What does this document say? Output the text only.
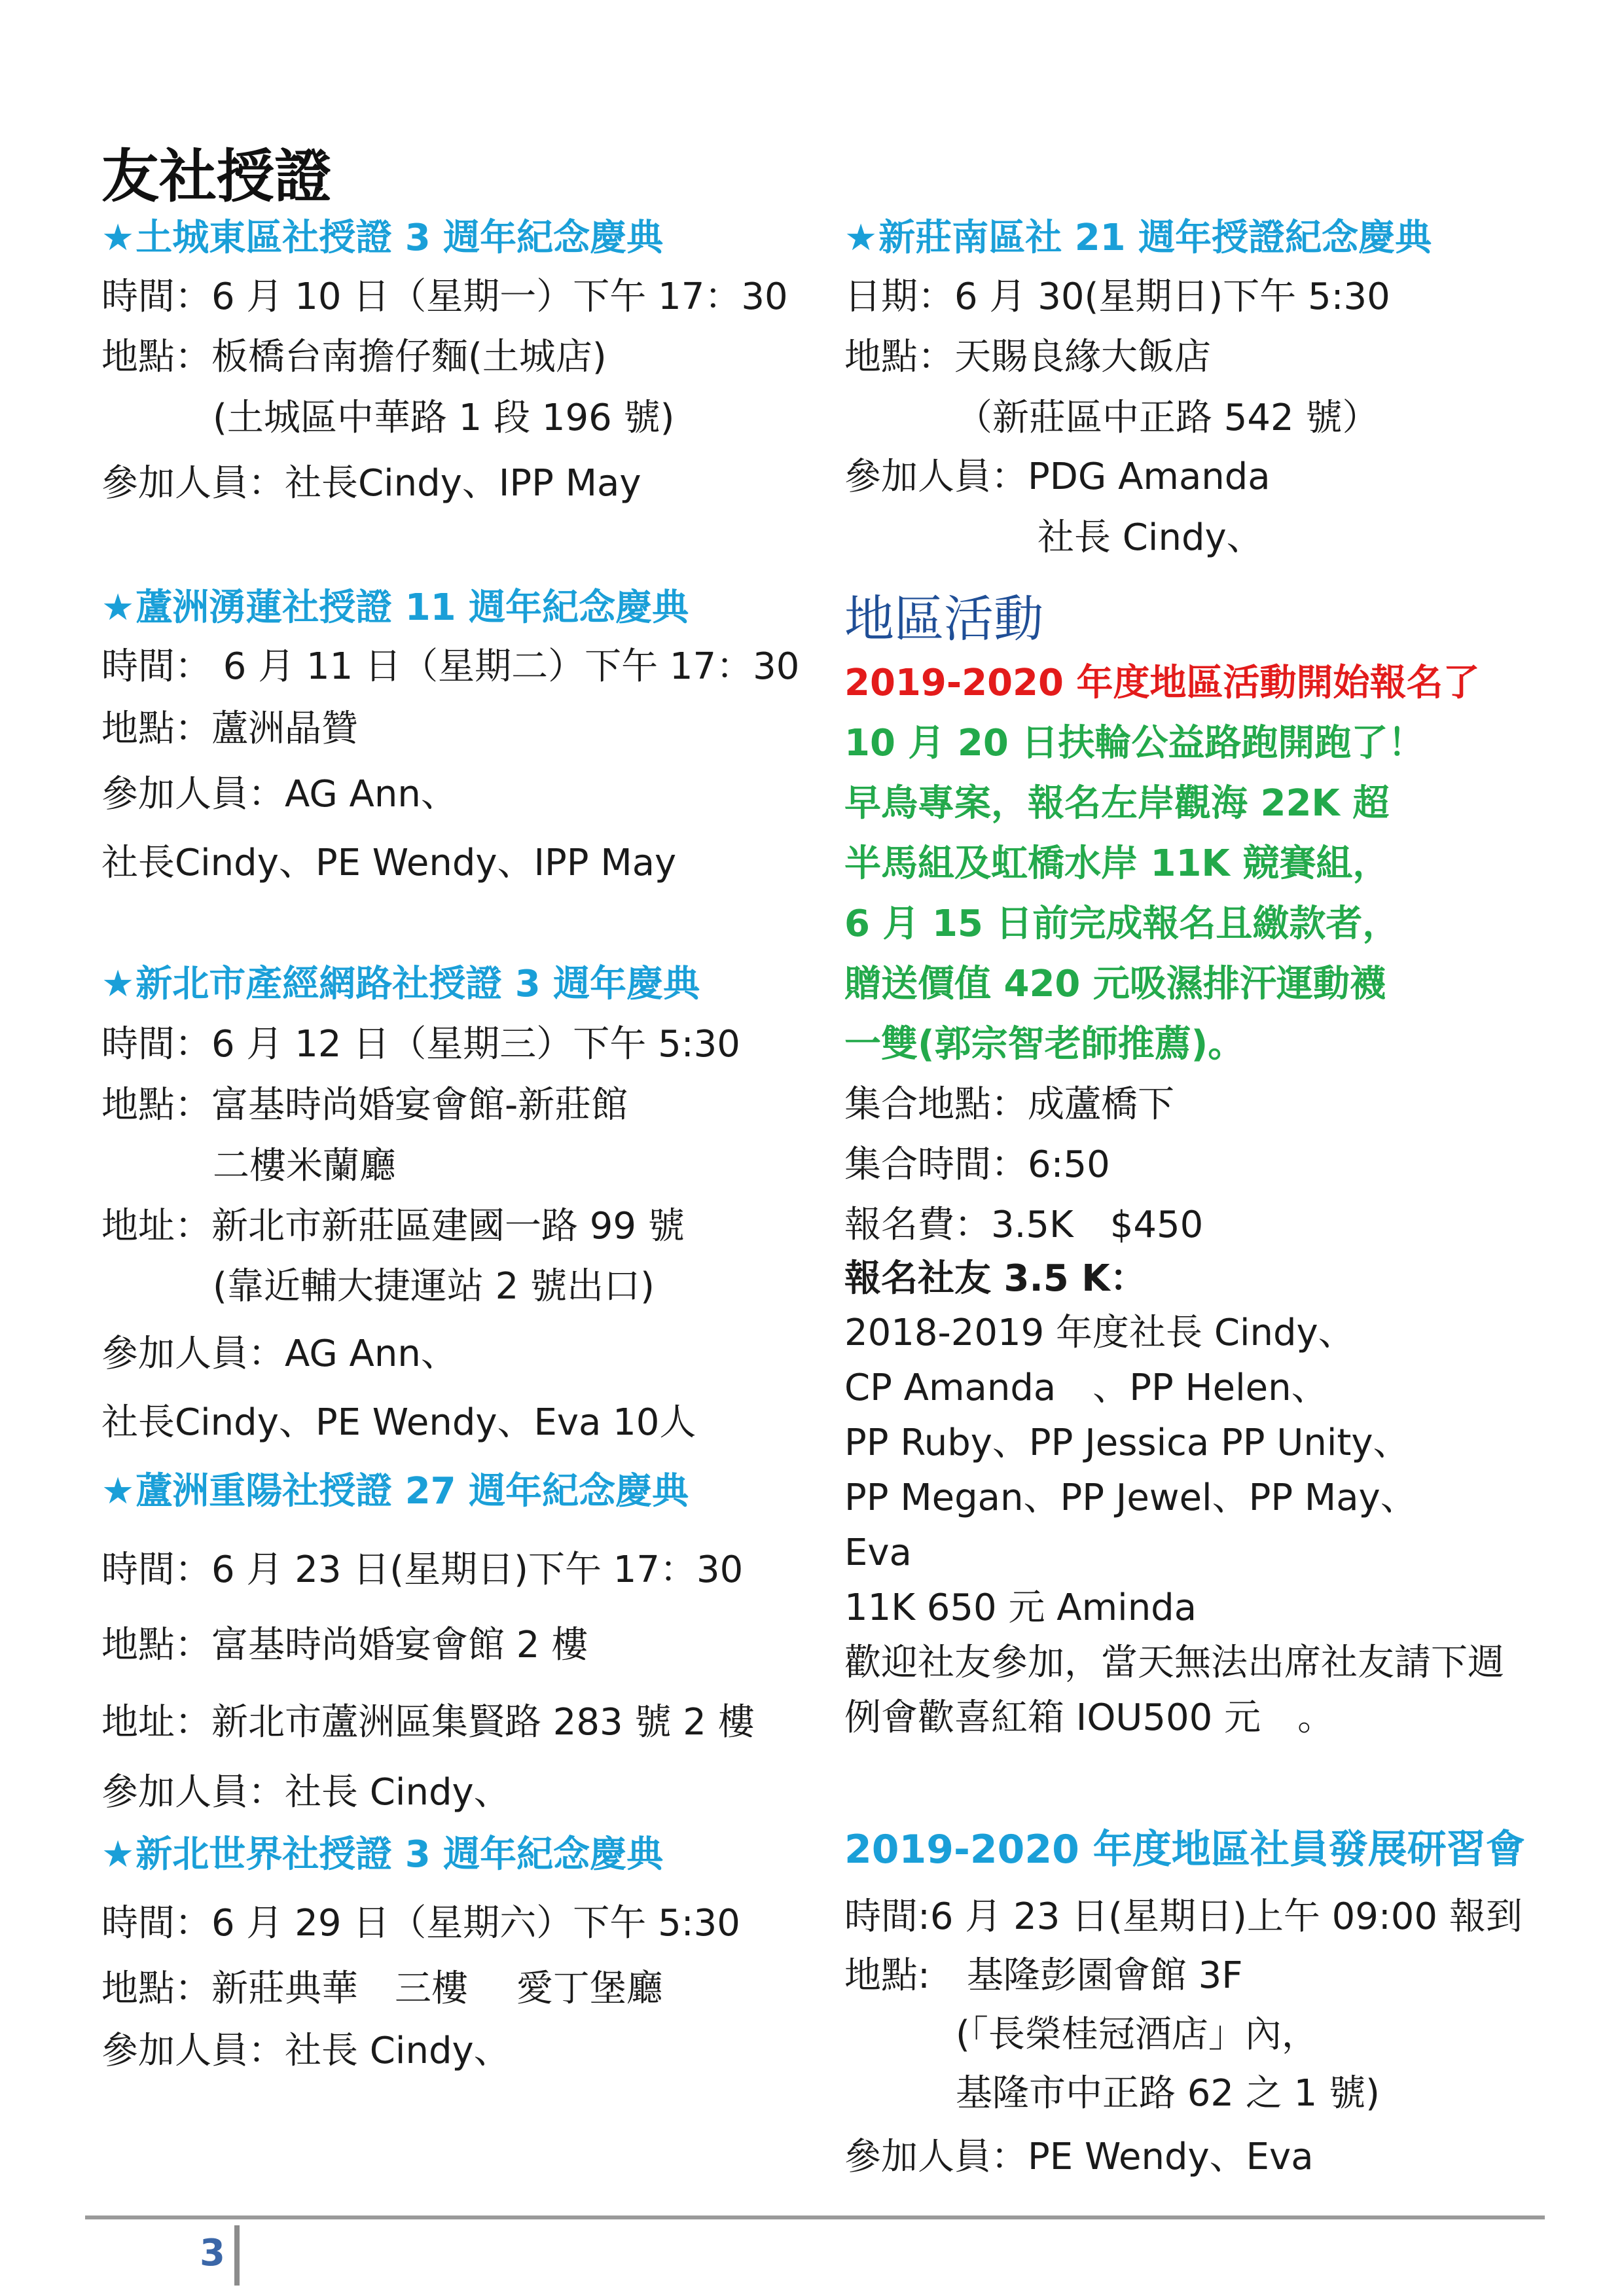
友社授證
★土城東區社授證 3 週年紀念慶典
時間：6 月 10 日（星期一）下午 17：30
地點：板橋台南擔仔麵(土城店)
(土城區中華路 1 段 196 號)
參加人員：社長Cindy、IPP May
★蘆洲湧蓮社授證 11 週年紀念慶典
時間： 6 月 11 日（星期二）下午 17：30
地點：蘆洲晶贊
參加人員：AG Ann、
社長Cindy、PE Wendy、IPP May
★新北市產經網路社授證 3 週年慶典
時間：6 月 12 日（星期三）下午 5:30
地點：富基時尚婚宴會館-新莊館
二樓米蘭廳
地址：新北市新莊區建國一路 99 號
(靠近輔大捷運站 2 號出口)
參加人員：AG Ann、
社長Cindy、PE Wendy、Eva 10人
★蘆洲重陽社授證 27 週年紀念慶典
時間：6 月 23 日(星期日)下午 17：30
地點：富基時尚婚宴會館 2 樓
地址：新北市蘆洲區集賢路 283 號 2 樓
參加人員：社長 Cindy、
★新北世界社授證 3 週年紀念慶典
時間：6 月 29 日（星期六）下午 5:30
地點：新莊典華　三樓　 愛丁堡廳
參加人員：社長 Cindy、
★新莊南區社 21 週年授證紀念慶典
日期：6 月 30(星期日)下午 5:30
地點：天賜良緣大飯店
（新莊區中正路 542 號）
參加人員：PDG Amanda
社長 Cindy、
地區活動
2019-2020 年度地區活動開始報名了
10 月 20 日扶輪公益路跑開跑了！
早鳥專案，報名左岸觀海 22K 超
半馬組及虹橋水岸 11K 競賽組，
6 月 15 日前完成報名且繳款者，
贈送價值 420 元吸濕排汗運動襪
一雙(郭宗智老師推薦)。
集合地點：成蘆橋下
集合時間：6:50
報名費：3.5K　$450
報名社友 3.5 K：
2018-2019 年度社長 Cindy、
CP Amanda　、PP Helen、
PP Ruby、PP Jessica PP Unity、
PP Megan、PP Jewel、PP May、
Eva
11K 650 元 Aminda
歡迎社友參加，當天無法出席社友請下週
例會歡喜紅箱 IOU500 元　。
2019-2020 年度地區社員發展研習會
時間:6 月 23 日(星期日)上午 09:00 報到
地點:　基隆彭園會館 3F
(「長榮桂冠酒店」內，
基隆市中正路 62 之 1 號)
參加人員：PE Wendy、Eva
3
